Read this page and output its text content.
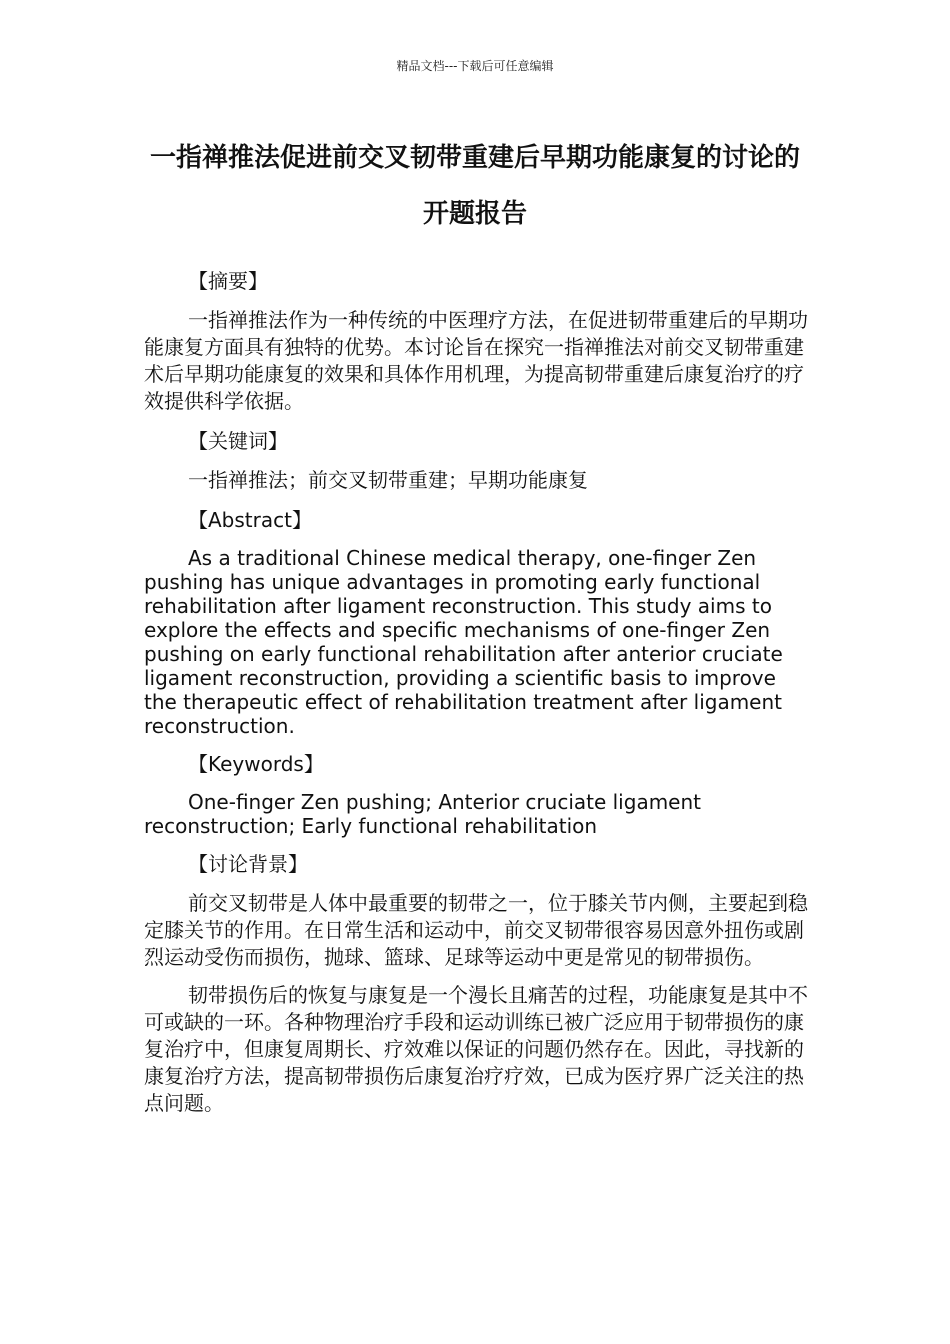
精品文档---下载后可任意编辑
一指禅推法促进前交叉韧带重建后早期功能康复的讨论的开题报告
【摘要】

一指禅推法作为一种传统的中医理疗方法，在促进韧带重建后的早期功能康复方面具有独特的优势。本讨论旨在探究一指禅推法对前交叉韧带重建术后早期功能康复的效果和具体作用机理，为提高韧带重建后康复治疗的疗效提供科学依据。

【关键词】

一指禅推法；前交叉韧带重建；早期功能康复

【Abstract】

As a traditional Chinese medical therapy, one-finger Zen pushing has unique advantages in promoting early functional rehabilitation after ligament reconstruction. This study aims to explore the effects and specific mechanisms of one-finger Zen pushing on early functional rehabilitation after anterior cruciate ligament reconstruction, providing a scientific basis to improve the therapeutic effect of rehabilitation treatment after ligament reconstruction.

【Keywords】

One-finger Zen pushing; Anterior cruciate ligament reconstruction; Early functional rehabilitation

【讨论背景】

前交叉韧带是人体中最重要的韧带之一，位于膝关节内侧，主要起到稳定膝关节的作用。在日常生活和运动中，前交叉韧带很容易因意外扭伤或剧烈运动受伤而损伤，抛球、篮球、足球等运动中更是常见的韧带损伤。

韧带损伤后的恢复与康复是一个漫长且痛苦的过程，功能康复是其中不可或缺的一环。各种物理治疗手段和运动训练已被广泛应用于韧带损伤的康复治疗中，但康复周期长、疗效难以保证的问题仍然存在。因此，寻找新的康复治疗方法，提高韧带损伤后康复治疗疗效，已成为医疗界广泛关注的热点问题。
